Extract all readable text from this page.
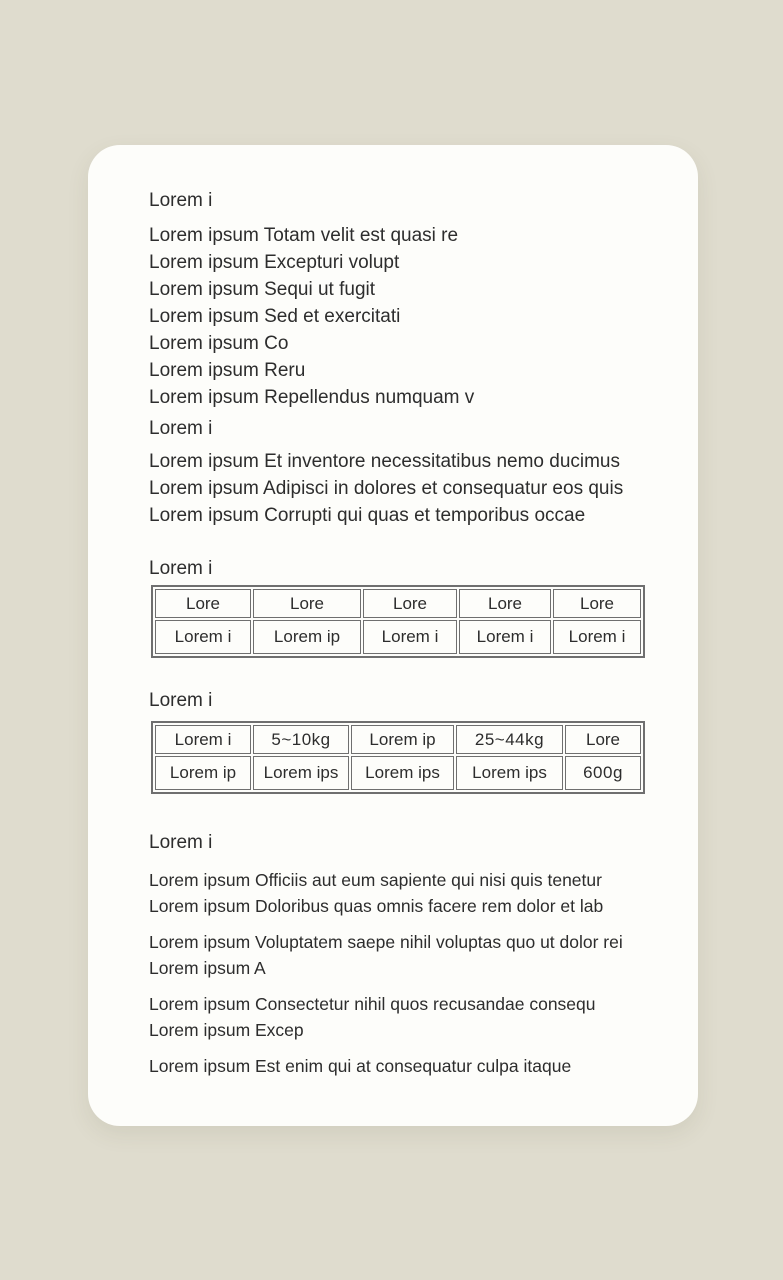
Lorem i
Lorem ipsum Totam velit est quasi re
Lorem ipsum Excepturi volupt
Lorem ipsum Sequi ut fugit
Lorem ipsum Sed et exercitati
Lorem ipsum Co
Lorem ipsum Reru
Lorem ipsum Repellendus numquam v
Lorem i
Lorem ipsum Et inventore necessitatibus nemo ducimus
Lorem ipsum Adipisci in dolores et consequatur eos quis
Lorem ipsum Corrupti qui quas et temporibus occae
Lorem i
Lore	Lore	Lore	Lore	Lore
Lorem i	Lorem ip	Lorem i	Lorem i	Lorem i
Lorem i
Lorem i	5~10kg	Lorem ip	25~44kg	Lore
Lorem ip	Lorem ips	Lorem ips	Lorem ips	600g
Lorem i
Lorem ipsum Officiis aut eum sapiente qui nisi quis tenetur
Lorem ipsum Doloribus quas omnis facere rem dolor et lab
Lorem ipsum Voluptatem saepe nihil voluptas quo ut dolor rei
Lorem ipsum A
Lorem ipsum Consectetur nihil quos recusandae consequ
Lorem ipsum Excep
Lorem ipsum Est enim qui at consequatur culpa itaque
